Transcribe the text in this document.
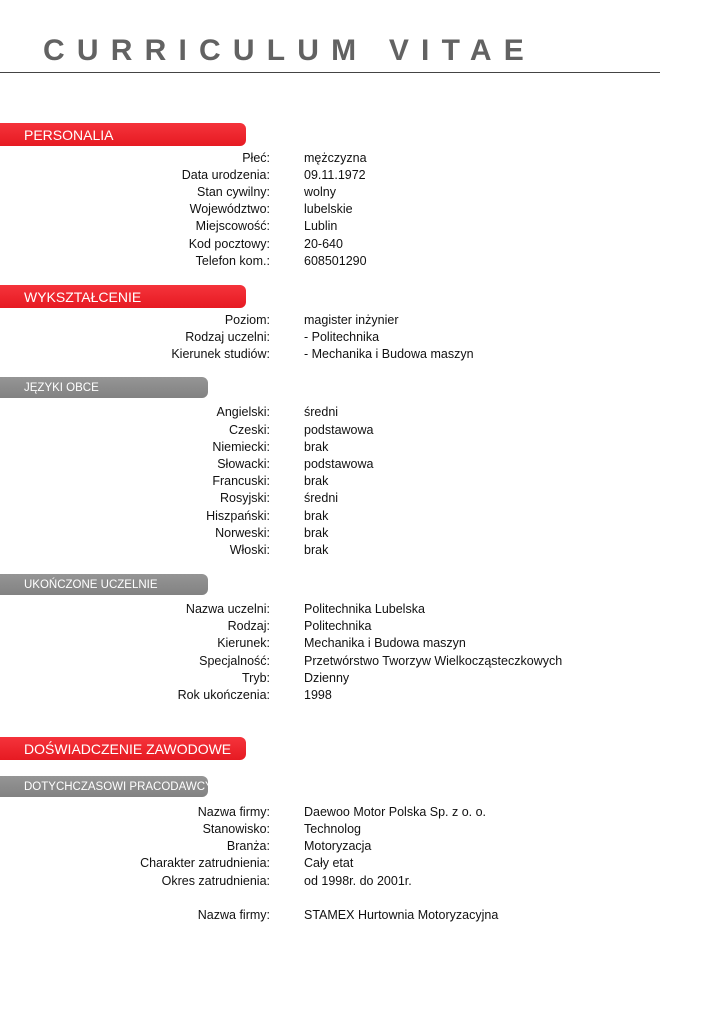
CURRICULUM VITAE
PERSONALIA
Płeć:	mężczyzna
Data urodzenia:	09.11.1972
Stan cywilny:	wolny
Województwo:	lubelskie
Miejscowość:	Lublin
Kod pocztowy:	20-640
Telefon kom.:	608501290
WYKSZTAŁCENIE
Poziom:	magister inżynier
Rodzaj uczelni:	- Politechnika
Kierunek studiów:	- Mechanika i Budowa maszyn
JĘZYKI OBCE
Angielski:	średni
Czeski:	podstawowa
Niemiecki:	brak
Słowacki:	podstawowa
Francuski:	brak
Rosyjski:	średni
Hiszpański:	brak
Norweski:	brak
Włoski:	brak
UKOŃCZONE UCZELNIE
Nazwa uczelni:	Politechnika Lubelska
Rodzaj:	Politechnika
Kierunek:	Mechanika i Budowa maszyn
Specjalność:	Przetwórstwo Tworzyw Wielkocząsteczkowych
Tryb:	Dzienny
Rok ukończenia:	1998
DOŚWIADCZENIE ZAWODOWE
DOTYCHCZASOWI PRACODAWCY
Nazwa firmy:	Daewoo Motor Polska Sp. z o. o.
Stanowisko:	Technolog
Branża:	Motoryzacja
Charakter zatrudnienia:	Cały etat
Okres zatrudnienia:	od 1998r. do 2001r.
Nazwa firmy:	STAMEX Hurtownia Motoryzacyjna
